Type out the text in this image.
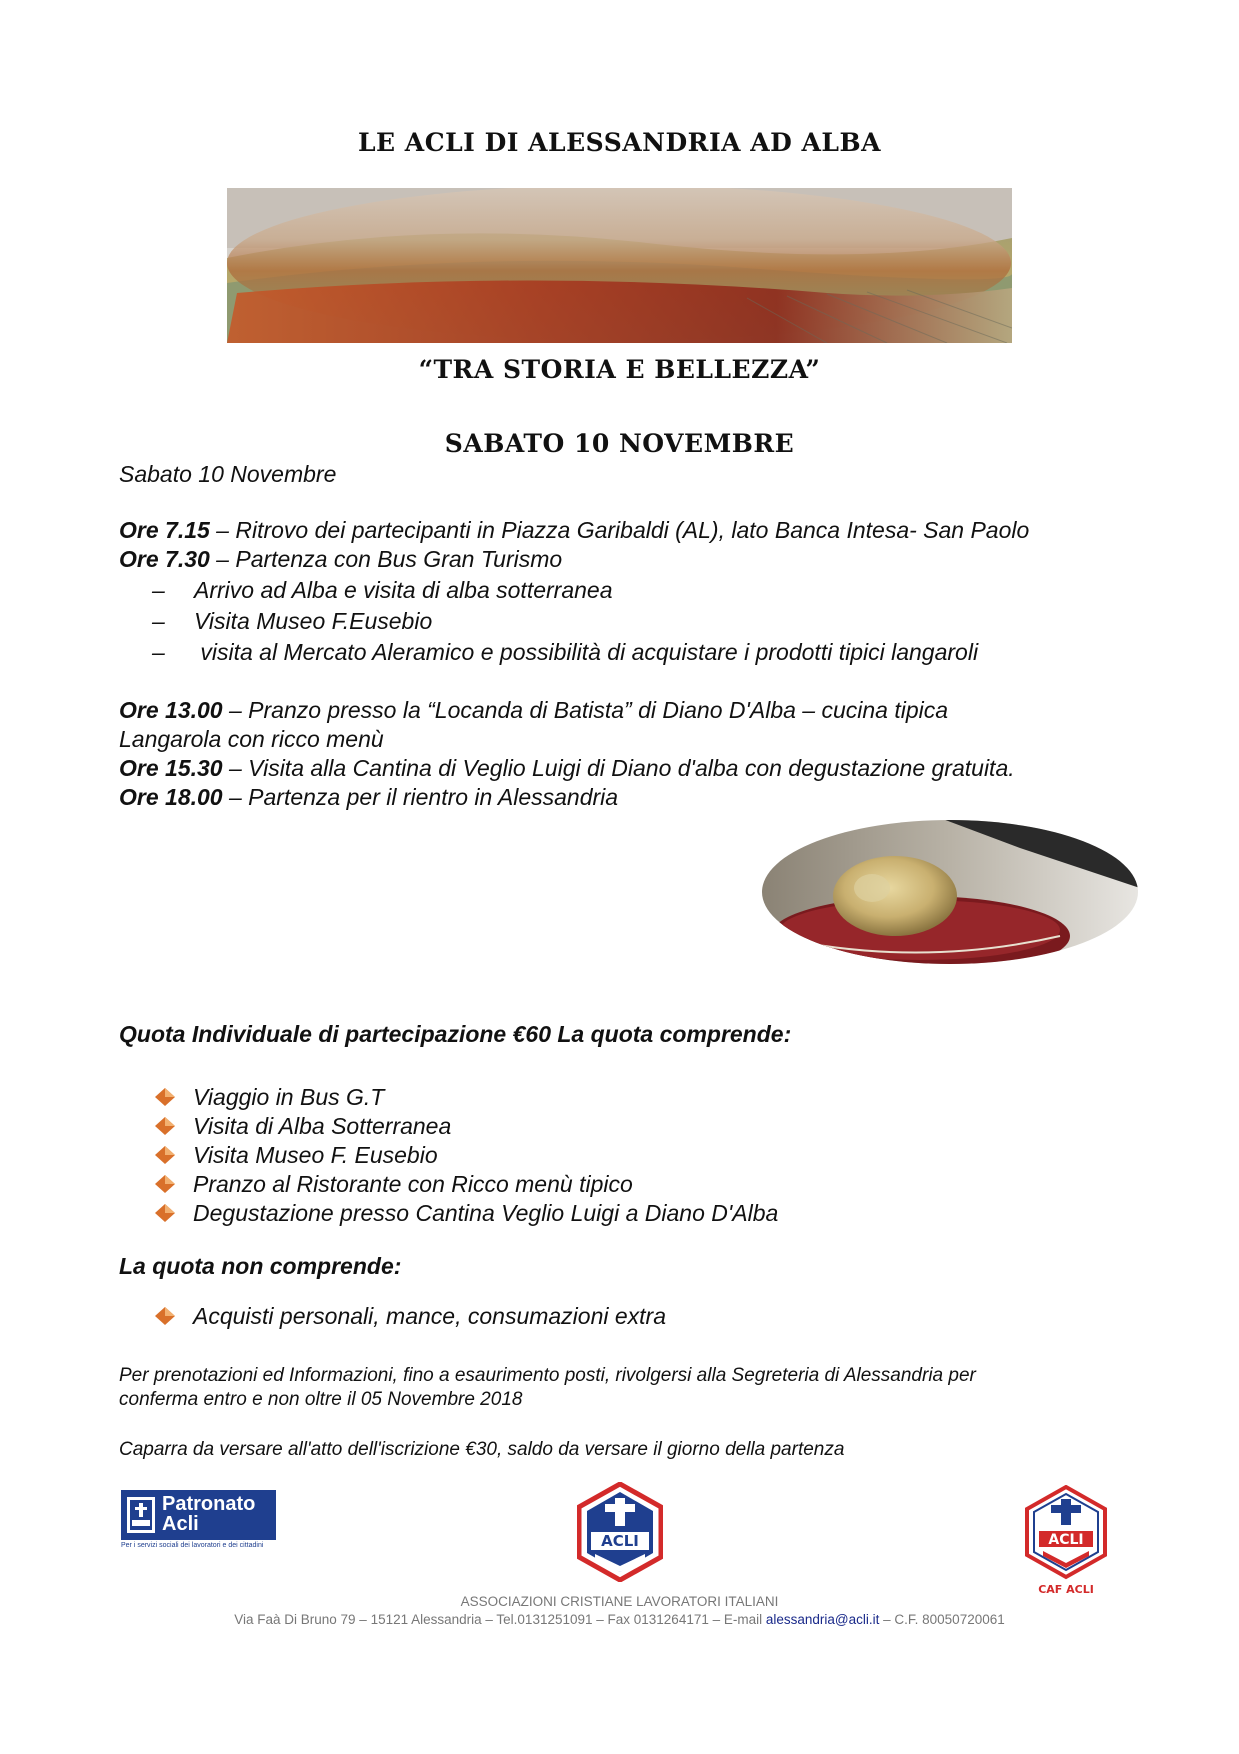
LE ACLI DI ALESSANDRIA AD ALBA
“TRA STORIA E BELLEZZA”
SABATO 10 NOVEMBRE
Sabato 10 Novembre
Ore 7.15 – Ritrovo dei partecipanti in Piazza Garibaldi (AL), lato Banca Intesa- San Paolo
Ore 7.30 – Partenza con Bus Gran Turismo
– Arrivo ad Alba e visita di alba sotterranea
– Visita Museo F.Eusebio
– visita al Mercato Aleramico e possibilità di acquistare i prodotti tipici langaroli
Ore 13.00 – Pranzo presso la “Locanda di Batista” di Diano D'Alba – cucina tipica
Langarola con ricco menù
Ore 15.30 – Visita alla Cantina di Veglio Luigi di Diano d'alba con degustazione gratuita.
Ore 18.00 – Partenza per il rientro in Alessandria
Quota Individuale di partecipazione €60 La quota comprende:
Viaggio in Bus G.T
Visita di Alba Sotterranea
Visita Museo F. Eusebio
Pranzo al Ristorante con Ricco menù tipico
Degustazione presso Cantina Veglio Luigi a Diano D'Alba
La quota non comprende:
Acquisti personali, mance, consumazioni extra
Per prenotazioni ed Informazioni, fino a esaurimento posti, rivolgersi alla Segreteria di Alessandria per
conferma entro e non oltre il 05 Novembre 2018
Caparra da versare all'atto dell'iscrizione €30, saldo da versare il giorno della partenza
Patronato
Acli
Per i servizi sociali dei lavoratori e dei cittadini	ACLI	ACLI
CAF ACLI
ASSOCIAZIONI CRISTIANE LAVORATORI ITALIANI
Via Faà Di Bruno 79 – 15121 Alessandria – Tel.0131251091 – Fax 0131264171 – E-mail alessandria@acli.it – C.F. 80050720061
